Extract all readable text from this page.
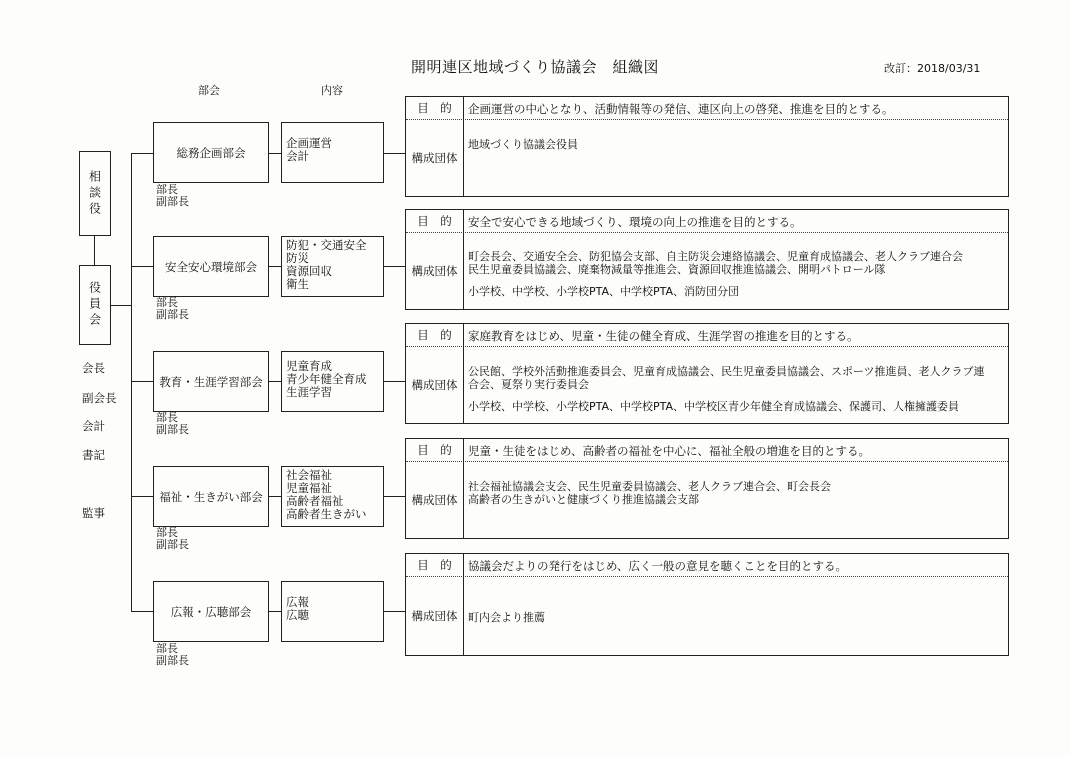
開明連区地域づくり協議会　組織図	改訂：2018/03/31
部会	内容
相談役
役員会
会長
副会長
会計
書記
監事
総務企画部会
部長
副部長
企画運営
会計
目　的	企画運営の中心となり、活動情報等の発信、連区向上の啓発、推進を目的とする。
構成団体
地域づくり協議会役員
安全安心環境部会
部長
副部長
防犯・交通安全
防災
資源回収
衛生
目　的	安全で安心できる地域づくり、環境の向上の推進を目的とする。
構成団体
町会長会、交通安全会、防犯協会支部、自主防災会連絡協議会、児童育成協議会、老人クラブ連合会
民生児童委員協議会、廃棄物減量等推進会、資源回収推進協議会、開明パトロール隊
小学校、中学校、小学校PTA、中学校PTA、消防団分団
教育・生涯学習部会
部長
副部長
児童育成
青少年健全育成
生涯学習
目　的	家庭教育をはじめ、児童・生徒の健全育成、生涯学習の推進を目的とする。
構成団体
公民館、学校外活動推進委員会、児童育成協議会、民生児童委員協議会、スポーツ推進員、老人クラブ連
合会、夏祭り実行委員会
小学校、中学校、小学校PTA、中学校PTA、中学校区青少年健全育成協議会、保護司、人権擁護委員
福祉・生きがい部会
部長
副部長
社会福祉
児童福祉
高齢者福祉
高齢者生きがい
目　的	児童・生徒をはじめ、高齢者の福祉を中心に、福祉全般の増進を目的とする。
構成団体
社会福祉協議会支会、民生児童委員協議会、老人クラブ連合会、町会長会
高齢者の生きがいと健康づくり推進協議会支部
広報・広聴部会
部長
副部長
広報
広聴
目　的	協議会だよりの発行をはじめ、広く一般の意見を聴くことを目的とする。
構成団体 町内会より推薦
